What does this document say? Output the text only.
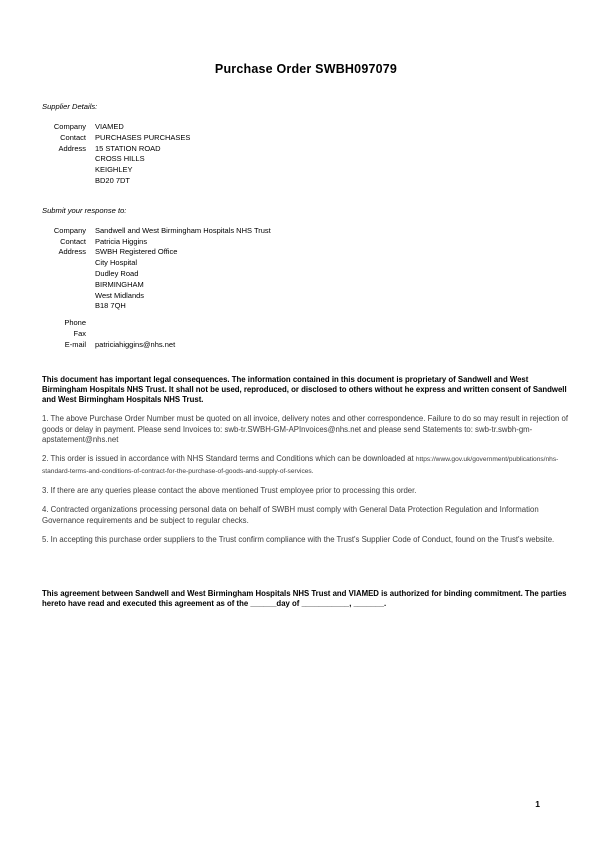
Purchase Order SWBH097079
Supplier Details:
Company VIAMED
Contact PURCHASES PURCHASES
Address 15 STATION ROAD
CROSS HILLS
KEIGHLEY
BD20 7DT
Submit your response to:
Company Sandwell and West Birmingham Hospitals NHS Trust
Contact Patricia Higgins
Address SWBH Registered Office
City Hospital
Dudley Road
BIRMINGHAM
West Midlands
B18 7QH
Phone
Fax
E-mail patriciahiggins@nhs.net

This document has important legal consequences. The information contained in this document is proprietary of Sandwell and West Birmingham Hospitals NHS Trust. It shall not be used, reproduced, or disclosed to others without he express and written consent of Sandwell and West Birmingham Hospitals NHS Trust.

1. The above Purchase Order Number must be quoted on all invoice, delivery notes and other correspondence. Failure to do so may result in rejection of goods or delay in payment. Please send Invoices to: swb-tr.SWBH-GM-APInvoices@nhs.net and please send Statements to: swb-tr.swbh-gm-apstatement@nhs.net

2. This order is issued in accordance with NHS Standard terms and Conditions which can be downloaded at https://www.gov.uk/government/publications/nhs-standard-terms-and-conditions-of-contract-for-the-purchase-of-goods-and-supply-of-services.

3. If there are any queries please contact the above mentioned Trust employee prior to processing this order.

4. Contracted organizations processing personal data on behalf of SWBH must comply with General Data Protection Regulation and Information Governance requirements and be subject to regular checks.

5. In accepting this purchase order suppliers to the Trust confirm compliance with the Trust's Supplier Code of Conduct, found on the Trust's website.

This agreement between Sandwell and West Birmingham Hospitals NHS Trust and VIAMED is authorized for binding commitment. The parties hereto have read and executed this agreement as of the ______day of ___________, _______.

1
